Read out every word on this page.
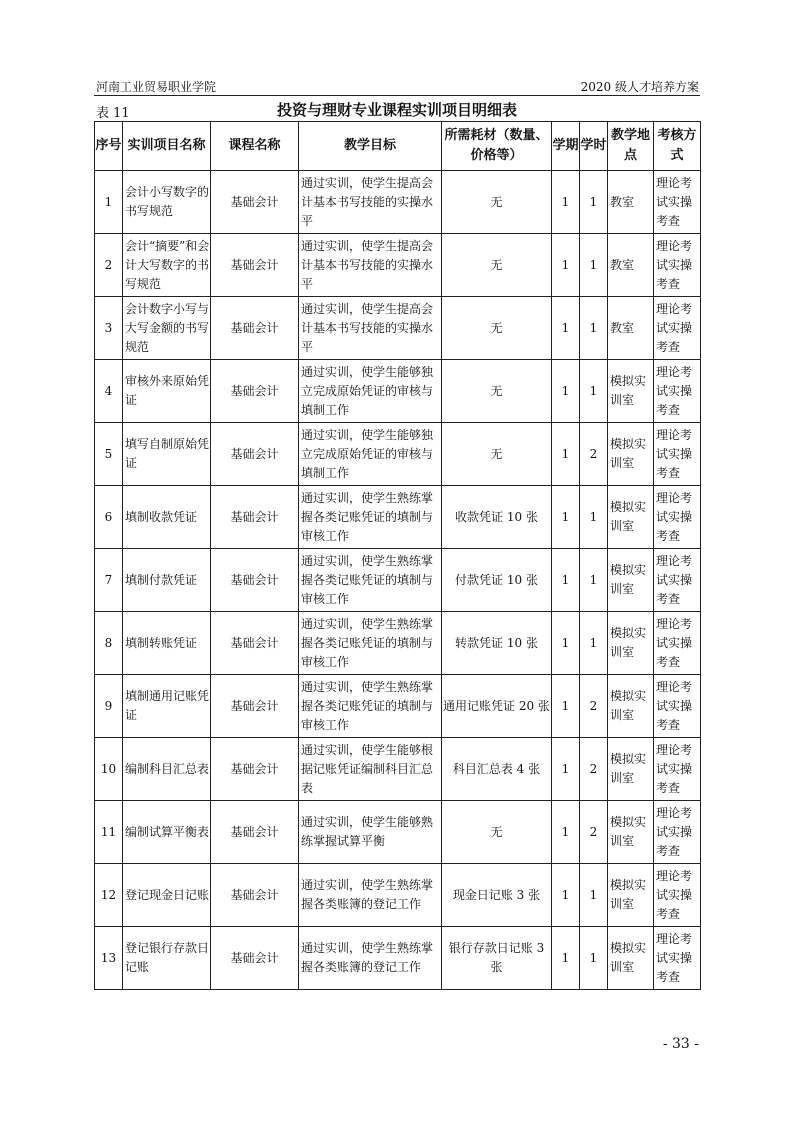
河南工业贸易职业学院	2020 级人才培养方案
投资与理财专业课程实训项目明细表
表 11
序号	实训项目名称	课程名称	教学目标	所需耗材（数量、价格等）	学期	学时	教学地点	考核方式
1	会计小写数字的书写规范	基础会计	通过实训，使学生提高会计基本书写技能的实操水平	无	1	1	教室	理论考试实操考查
2	会计“摘要”和会计大写数字的书写规范	基础会计	通过实训，使学生提高会计基本书写技能的实操水平	无	1	1	教室	理论考试实操考查
3	会计数字小写与大写金额的书写规范	基础会计	通过实训，使学生提高会计基本书写技能的实操水平	无	1	1	教室	理论考试实操考查
4	审核外来原始凭证	基础会计	通过实训，使学生能够独立完成原始凭证的审核与填制工作	无	1	1	模拟实训室	理论考试实操考查
5	填写自制原始凭证	基础会计	通过实训，使学生能够独立完成原始凭证的审核与填制工作	无	1	2	模拟实训室	理论考试实操考查
6	填制收款凭证	基础会计	通过实训，使学生熟练掌握各类记账凭证的填制与审核工作	收款凭证 10 张	1	1	模拟实训室	理论考试实操考查
7	填制付款凭证	基础会计	通过实训，使学生熟练掌握各类记账凭证的填制与审核工作	付款凭证 10 张	1	1	模拟实训室	理论考试实操考查
8	填制转账凭证	基础会计	通过实训，使学生熟练掌握各类记账凭证的填制与审核工作	转款凭证 10 张	1	1	模拟实训室	理论考试实操考查
9	填制通用记账凭证	基础会计	通过实训，使学生熟练掌握各类记账凭证的填制与审核工作	通用记账凭证 20 张	1	2	模拟实训室	理论考试实操考查
10	编制科目汇总表	基础会计	通过实训，使学生能够根据记账凭证编制科目汇总表	科目汇总表 4 张	1	2	模拟实训室	理论考试实操考查
11	编制试算平衡表	基础会计	通过实训，使学生能够熟练掌握试算平衡	无	1	2	模拟实训室	理论考试实操考查
12	登记现金日记账	基础会计	通过实训，使学生熟练掌握各类账簿的登记工作	现金日记账 3 张	1	1	模拟实训室	理论考试实操考查
13	登记银行存款日记账	基础会计	通过实训，使学生熟练掌握各类账簿的登记工作	银行存款日记账 3 张	1	1	模拟实训室	理论考试实操考查
- 33 -
